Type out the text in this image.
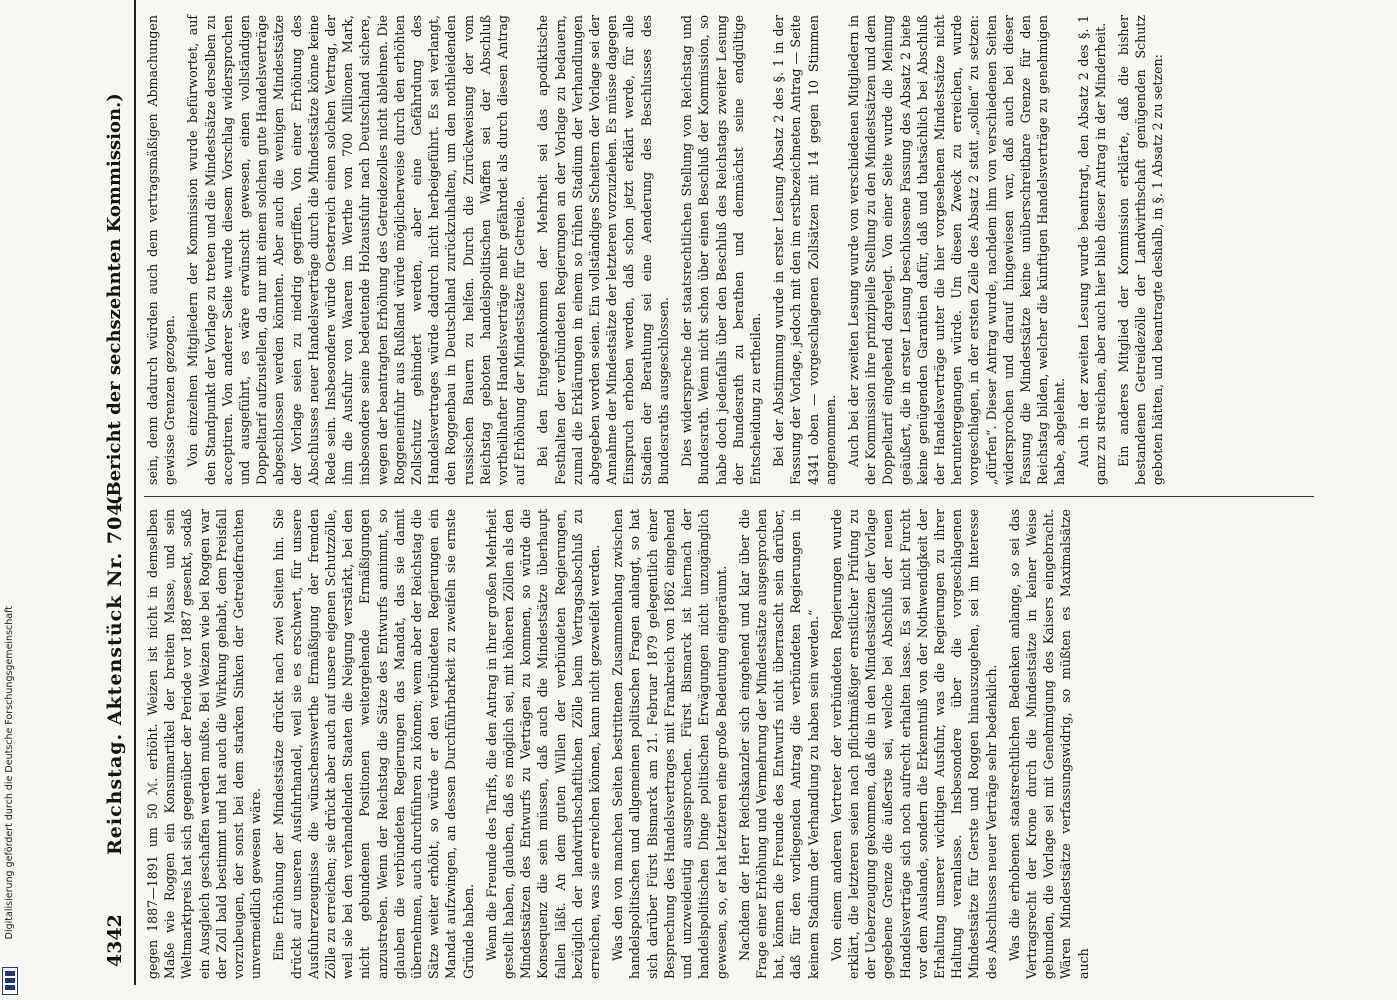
4342
Reichstag. Aktenstück Nr. 704.
(Bericht der sechszehnten Kommission.)

gegen 1887—1891 um 50 ℳ. erhöht. Weizen ist nicht in demselben Maße wie Roggen ein Konsumartikel der breiten Masse, und sein Weltmarktpreis hat sich gegenüber der Periode vor 1887 gesenkt, sodaß ein Ausgleich geschaffen werden mußte. Bei Weizen wie bei Roggen war der Zoll bald bestimmt und hat auch die Wirkung gehabt, dem Preisfall vorzubeugen, der sonst bei dem starken Sinken der Getreidefrachten unvermeidlich gewesen wäre. Eine Erhöhung der Mindestsätze drückt nach zwei Seiten hin. Sie drückt auf unseren Ausfuhrhandel, weil sie es erschwert, für unsere Ausfuhrerzeugnisse die wünschenswerthe Ermäßigung der fremden Zölle zu erreichen; sie drückt aber auch auf unsere eigenen Schutzzölle, weil sie bei den verhandelnden Staaten die Neigung verstärkt, bei den nicht gebundenen Positionen weitergehende Ermäßigungen anzustreben. Wenn der Reichstag die Sätze des Entwurfs annimmt, so glauben die verbündeten Regierungen das Mandat, das sie damit übernehmen, auch durchführen zu können; wenn aber der Reichstag die Sätze weiter erhöht, so würde er den verbündeten Regierungen ein Mandat aufzwingen, an dessen Durchführbarkeit zu zweifeln sie ernste Gründe haben. Wenn die Freunde des Tarifs, die den Antrag in ihrer großen Mehrheit gestellt haben, glauben, daß es möglich sei, mit höheren Zöllen als den Mindestsätzen des Entwurfs zu Verträgen zu kommen, so würde die Konsequenz die sein müssen, daß auch die Mindestsätze überhaupt fallen läßt. An dem guten Willen der verbündeten Regierungen, bezüglich der landwirthschaftlichen Zölle beim Vertragsabschluß zu erreichen, was sie erreichen können, kann nicht gezweifelt werden. Was den von manchen Seiten bestrittenen Zusammenhang zwischen handelspolitischen und allgemeinen politischen Fragen anlangt, so hat sich darüber Fürst Bismarck am 21. Februar 1879 gelegentlich einer Besprechung des Handelsvertrages mit Frankreich von 1862 eingehend und unzweideutig ausgesprochen. Fürst Bismarck ist hiernach der handelspolitischen Dinge politischen Erwägungen nicht unzugänglich gewesen, so, er hat letzteren eine große Bedeutung eingeräumt. Nachdem der Herr Reichskanzler sich eingehend und klar über die Frage einer Erhöhung und Vermehrung der Mindestsätze ausgesprochen hat, können die Freunde des Entwurfs nicht überrascht sein darüber, daß für den vorliegenden Antrag die verbündeten Regierungen in keinem Stadium der Verhandlung zu haben sein werden.“ Von einem anderen Vertreter der verbündeten Regierungen wurde erklärt, die letzteren seien nach pflichtmäßiger ernstlicher Prüfung zu der Ueberzeugung gekommen, daß die in den Mindestsätzen der Vorlage gegebene Grenze die äußerste sei, welche bei Abschluß der neuen Handelsverträge sich noch aufrecht erhalten lasse. Es sei nicht Furcht vor dem Auslande, sondern die Erkenntniß von der Nothwendigkeit der Erhaltung unserer wichtigen Ausfuhr, was die Regierungen zu ihrer Haltung veranlasse. Insbesondere über die vorgeschlagenen Mindestsätze für Gerste und Roggen hinauszugehen, sei im Interesse des Abschlusses neuer Verträge sehr bedenklich. Was die erhobenen staatsrechtlichen Bedenken anlange, so sei das Vertragsrecht der Krone durch die Mindestsätze in keiner Weise gebunden, die Vorlage sei mit Genehmigung des Kaisers eingebracht. Wären Mindestsätze verfassungswidrig, so müßten es Maximalsätze auch

sein, denn dadurch würden auch dem vertragsmäßigen Abmachungen gewisse Grenzen gezogen. Von einzelnen Mitgliedern der Kommission wurde befürwortet, auf den Standpunkt der Vorlage zu treten und die Mindestsätze derselben zu acceptiren. Von anderer Seite wurde diesem Vorschlag widersprochen und ausgeführt, es wäre erwünscht gewesen, einen vollständigen Doppeltarif aufzustellen, da nur mit einem solchen gute Handelsverträge abgeschlossen werden könnten. Aber auch die wenigen Mindestsätze der Vorlage seien zu niedrig gegriffen. Von einer Erhöhung des Abschlusses neuer Handelsverträge durch die Mindestsätze könne keine Rede sein. Insbesondere würde Oesterreich einen solchen Vertrag, der ihm die Ausfuhr von Waaren im Werthe von 700 Millionen Mark, insbesondere seine bedeutende Holzausfuhr nach Deutschland sichere, wegen der beantragten Erhöhung des Getreidezolles nicht ablehnen. Die Roggeneinfuhr aus Rußland würde möglicherweise durch den erhöhten Zollschutz gehindert werden, aber eine Gefährdung des Handelsvertrages würde dadurch nicht herbeigeführt. Es sei verlangt, den Roggenbau in Deutschland zurückzuhalten, um den nothleidenden russischen Bauern zu helfen. Durch die Zurückweisung der vom Reichstag geboten handelspolitischen Waffen sei der Abschluß vortheilhafter Handelsverträge mehr gefährdet als durch diesen Antrag auf Erhöhung der Mindestsätze für Getreide. Bei den Entgegenkommen der Mehrheit sei das apodiktische Festhalten der verbündeten Regierungen an der Vorlage zu bedauern, zumal die Erklärungen in einem so frühen Stadium der Verhandlungen abgegeben worden seien. Ein vollständiges Scheitern der Vorlage sei der Annahme der Mindestsätze der letzteren vorzuziehen. Es müsse dagegen Einspruch erhoben werden, daß schon jetzt erklärt werde, für alle Stadien der Berathung sei eine Aenderung des Beschlusses des Bundesraths ausgeschlossen. Dies widerspreche der staatsrechtlichen Stellung von Reichstag und Bundesrath. Wenn nicht schon über einen Beschluß der Kommission, so habe doch jedenfalls über den Beschluß des Reichstags zweiter Lesung der Bundesrath zu berathen und demnächst seine endgültige Entscheidung zu ertheilen. Bei der Abstimmung wurde in erster Lesung Absatz 2 des §. 1 in der Fassung der Vorlage, jedoch mit den im erstbezeichneten Antrag — Seite 4341 oben — vorgeschlagenen Zollsätzen mit 14 gegen 10 Stimmen angenommen. Auch bei der zweiten Lesung wurde von verschiedenen Mitgliedern in der Kommission ihre prinzipielle Stellung zu den Mindestsätzen und dem Doppeltarif eingehend dargelegt. Von einer Seite wurde die Meinung geäußert, die in erster Lesung beschlossene Fassung des Absatz 2 biete keine genügenden Garantien dafür, daß und thatsächlich bei Abschluß der Handelsverträge unter die hier vorgesehenen Mindestsätze nicht heruntergegangen würde. Um diesen Zweck zu erreichen, wurde vorgeschlagen, in der ersten Zeile des Absatz 2 statt „sollen“ zu setzen: „dürfen“. Dieser Antrag wurde, nachdem ihm von verschiedenen Seiten widersprochen und darauf hingewiesen war, daß auch bei dieser Fassung die Mindestsätze keine unüberschreitbare Grenze für den Reichstag bilden, welcher die künftigen Handelsverträge zu genehmigen habe, abgelehnt. Auch in der zweiten Lesung wurde beantragt, den Absatz 2 des §. 1 ganz zu streichen, aber auch hier blieb dieser Antrag in der Minderheit. Ein anderes Mitglied der Kommission erklärte, daß die bisher bestandenen Getreidezölle der Landwirthschaft genügenden Schutz geboten hätten, und beantragte deshalb, in §. 1 Absatz 2 zu setzen:

Digitalisierung gefördert durch die Deutsche Forschungsgemeinschaft
